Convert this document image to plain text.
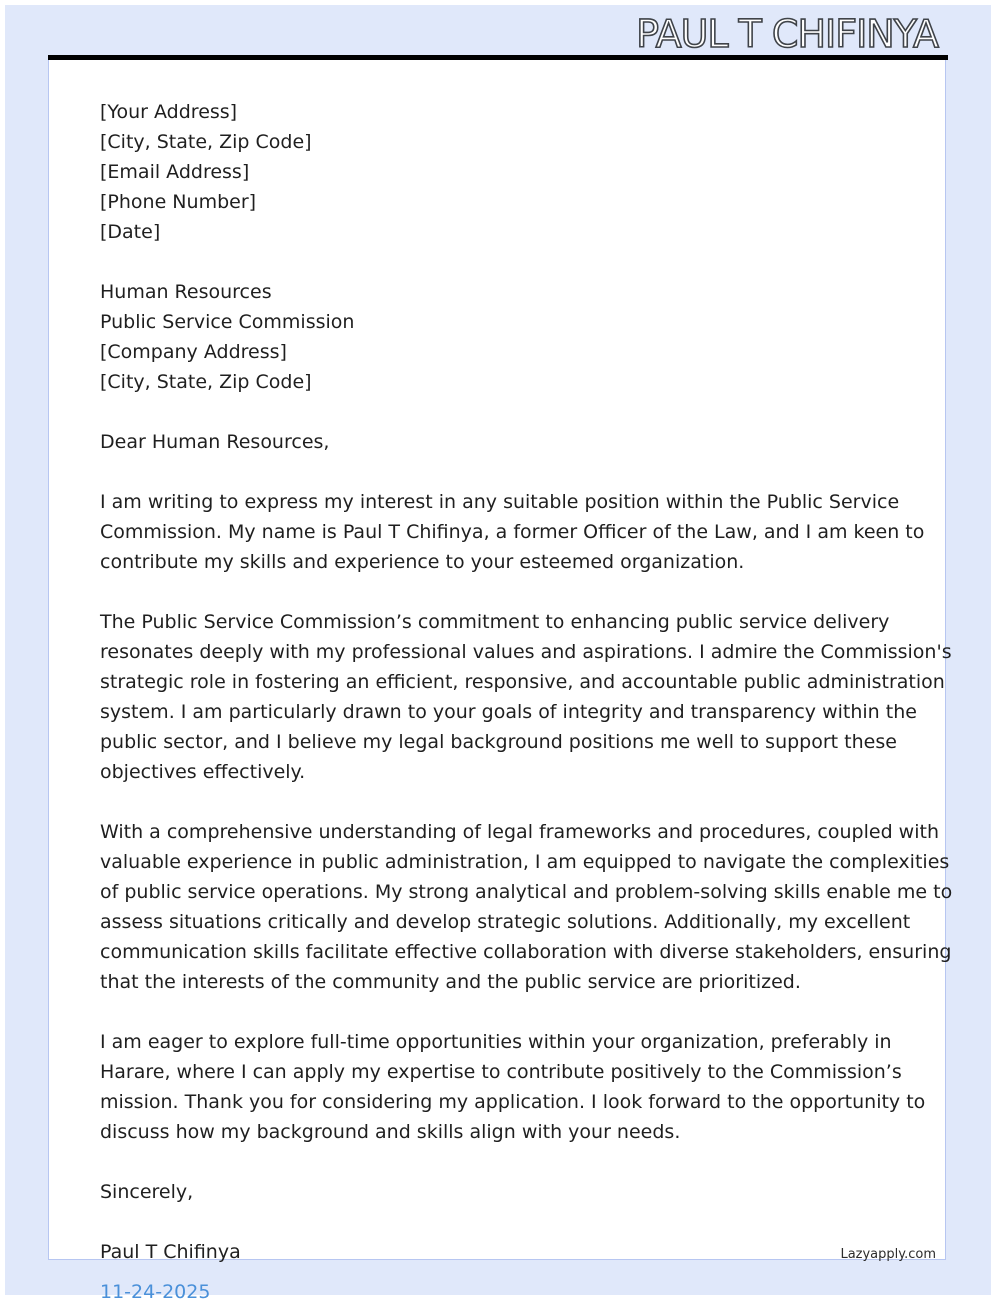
PAUL T CHIFINYA
[Your Address]
[City, State, Zip Code]
[Email Address]
[Phone Number]
[Date]
Human Resources
Public Service Commission
[Company Address]
[City, State, Zip Code]
Dear Human Resources,
I am writing to express my interest in any suitable position within the Public Service
Commission. My name is Paul T Chifinya, a former Officer of the Law, and I am keen to
contribute my skills and experience to your esteemed organization.
The Public Service Commission’s commitment to enhancing public service delivery
resonates deeply with my professional values and aspirations. I admire the Commission's
strategic role in fostering an efficient, responsive, and accountable public administration
system. I am particularly drawn to your goals of integrity and transparency within the
public sector, and I believe my legal background positions me well to support these
objectives effectively.
With a comprehensive understanding of legal frameworks and procedures, coupled with
valuable experience in public administration, I am equipped to navigate the complexities
of public service operations. My strong analytical and problem-solving skills enable me to
assess situations critically and develop strategic solutions. Additionally, my excellent
communication skills facilitate effective collaboration with diverse stakeholders, ensuring
that the interests of the community and the public service are prioritized.
I am eager to explore full-time opportunities within your organization, preferably in
Harare, where I can apply my expertise to contribute positively to the Commission’s
mission. Thank you for considering my application. I look forward to the opportunity to
discuss how my background and skills align with your needs.
Sincerely,
Paul T Chifinya
11-24-2025
Lazyapply.com
